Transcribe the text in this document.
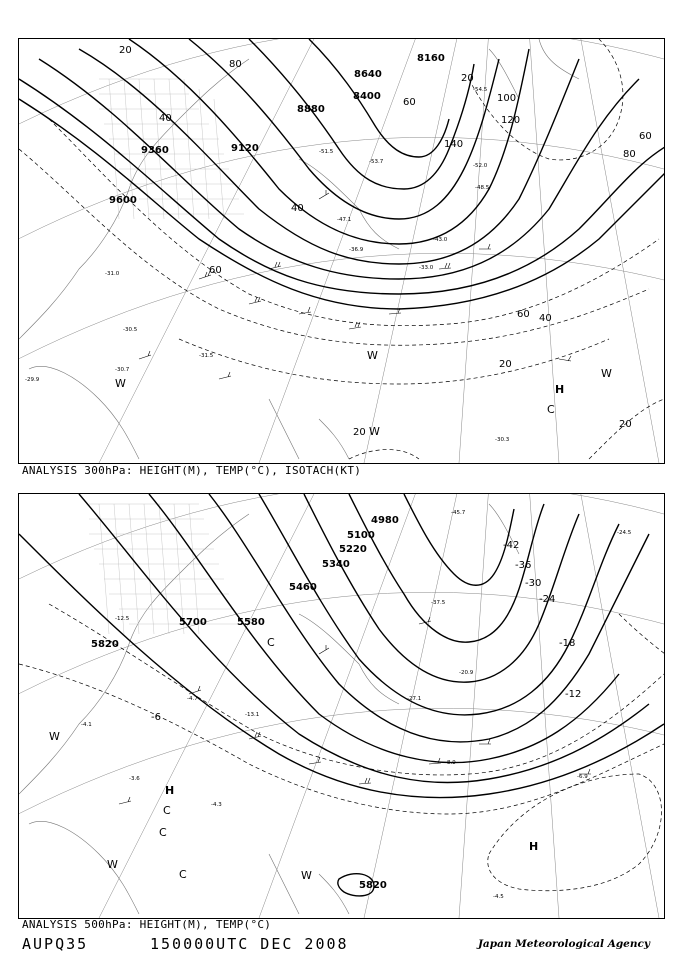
9600
9360	9120
8880
8640
8400
8160
20
40
60
80
100
120
140
20
40
60
80
60
40
60
20
20
20
H
W
W
C
W
W
-30.5
-30.7
-29.9
-31.0
-31.5
-30.3
-51.5
-53.7
-52.0
-54.5
-47.1
-36.9
-33.0
-43.0
-48.5
ANALYSIS 300hPa: HEIGHT(M), TEMP(°C), ISOTACH(KT)
5820
5700	5580
5460
5340
5220
5100
4980
5820
-6
-12
-18
-24
-30
-36
-42
H
H
W
W
W
C
C
C
C
-4.1
-4.7
-3.6
-4.3
-8.9
-6.9
-4.5
-13.1
-20.9
-27.1
-37.5
-45.7
-12.5
-24.5
ANALYSIS 500hPa: HEIGHT(M), TEMP(°C)
AUPQ35	150000UTC DEC 2008	Japan Meteorological Agency
